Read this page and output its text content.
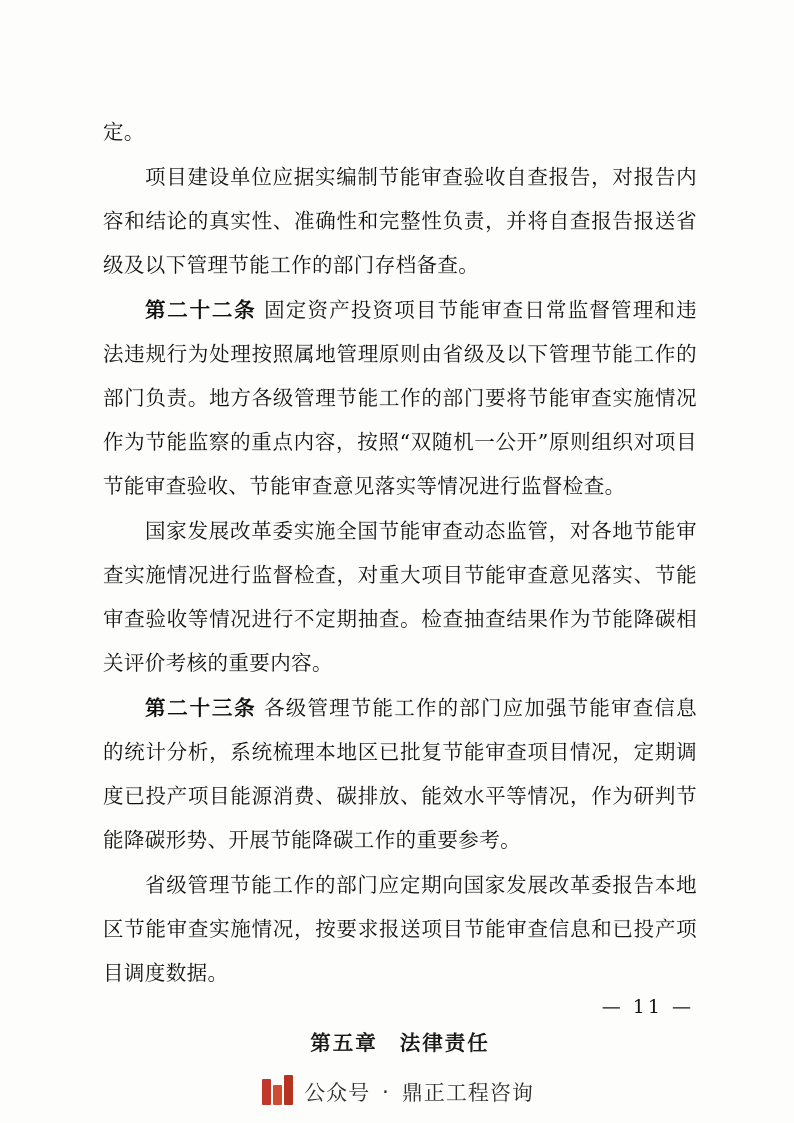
定。

项目建设单位应据实编制节能审查验收自查报告，对报告内容和结论的真实性、准确性和完整性负责，并将自查报告报送省级及以下管理节能工作的部门存档备查。

第二十二条 固定资产投资项目节能审查日常监督管理和违法违规行为处理按照属地管理原则由省级及以下管理节能工作的部门负责。地方各级管理节能工作的部门要将节能审查实施情况作为节能监察的重点内容，按照“双随机一公开”原则组织对项目节能审查验收、节能审查意见落实等情况进行监督检查。

国家发展改革委实施全国节能审查动态监管，对各地节能审查实施情况进行监督检查，对重大项目节能审查意见落实、节能审查验收等情况进行不定期抽查。检查抽查结果作为节能降碳相关评价考核的重要内容。

第二十三条 各级管理节能工作的部门应加强节能审查信息的统计分析，系统梳理本地区已批复节能审查项目情况，定期调度已投产项目能源消费、碳排放、能效水平等情况，作为研判节能降碳形势、开展节能降碳工作的重要参考。

省级管理节能工作的部门应定期向国家发展改革委报告本地区节能审查实施情况，按要求报送项目节能审查信息和已投产项目调度数据。

第五章 法律责任

— 11 —
公众号 · 鼎正工程咨询
